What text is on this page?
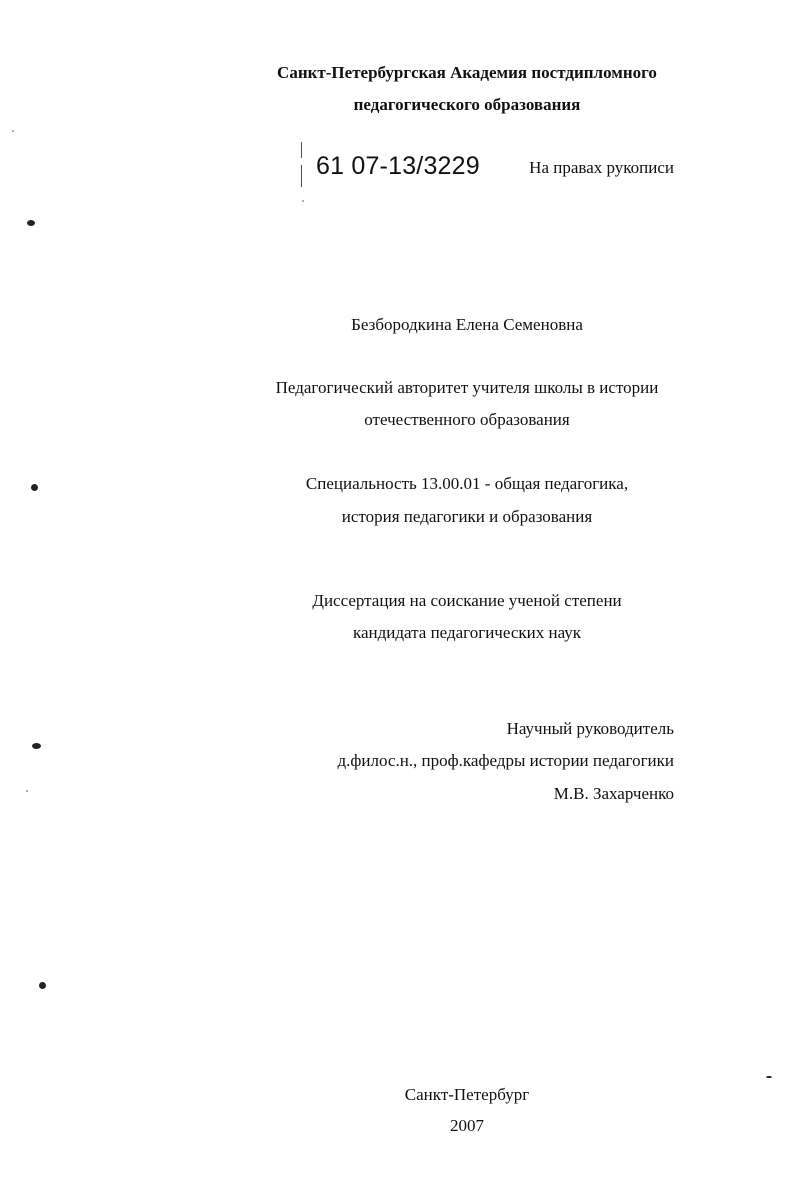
Санкт-Петербургская Академия постдипломного
педагогического образования
61 07-13/3229	На правах рукописи
Безбородкина Елена Семеновна
Педагогический авторитет учителя школы в истории
отечественного образования
Специальность 13.00.01 - общая педагогика,
история педагогики и образования
Диссертация на соискание ученой степени
кандидата педагогических наук
Научный руководитель
д.филос.н., проф.кафедры истории педагогики
М.В. Захарченко
Санкт-Петербург
2007
